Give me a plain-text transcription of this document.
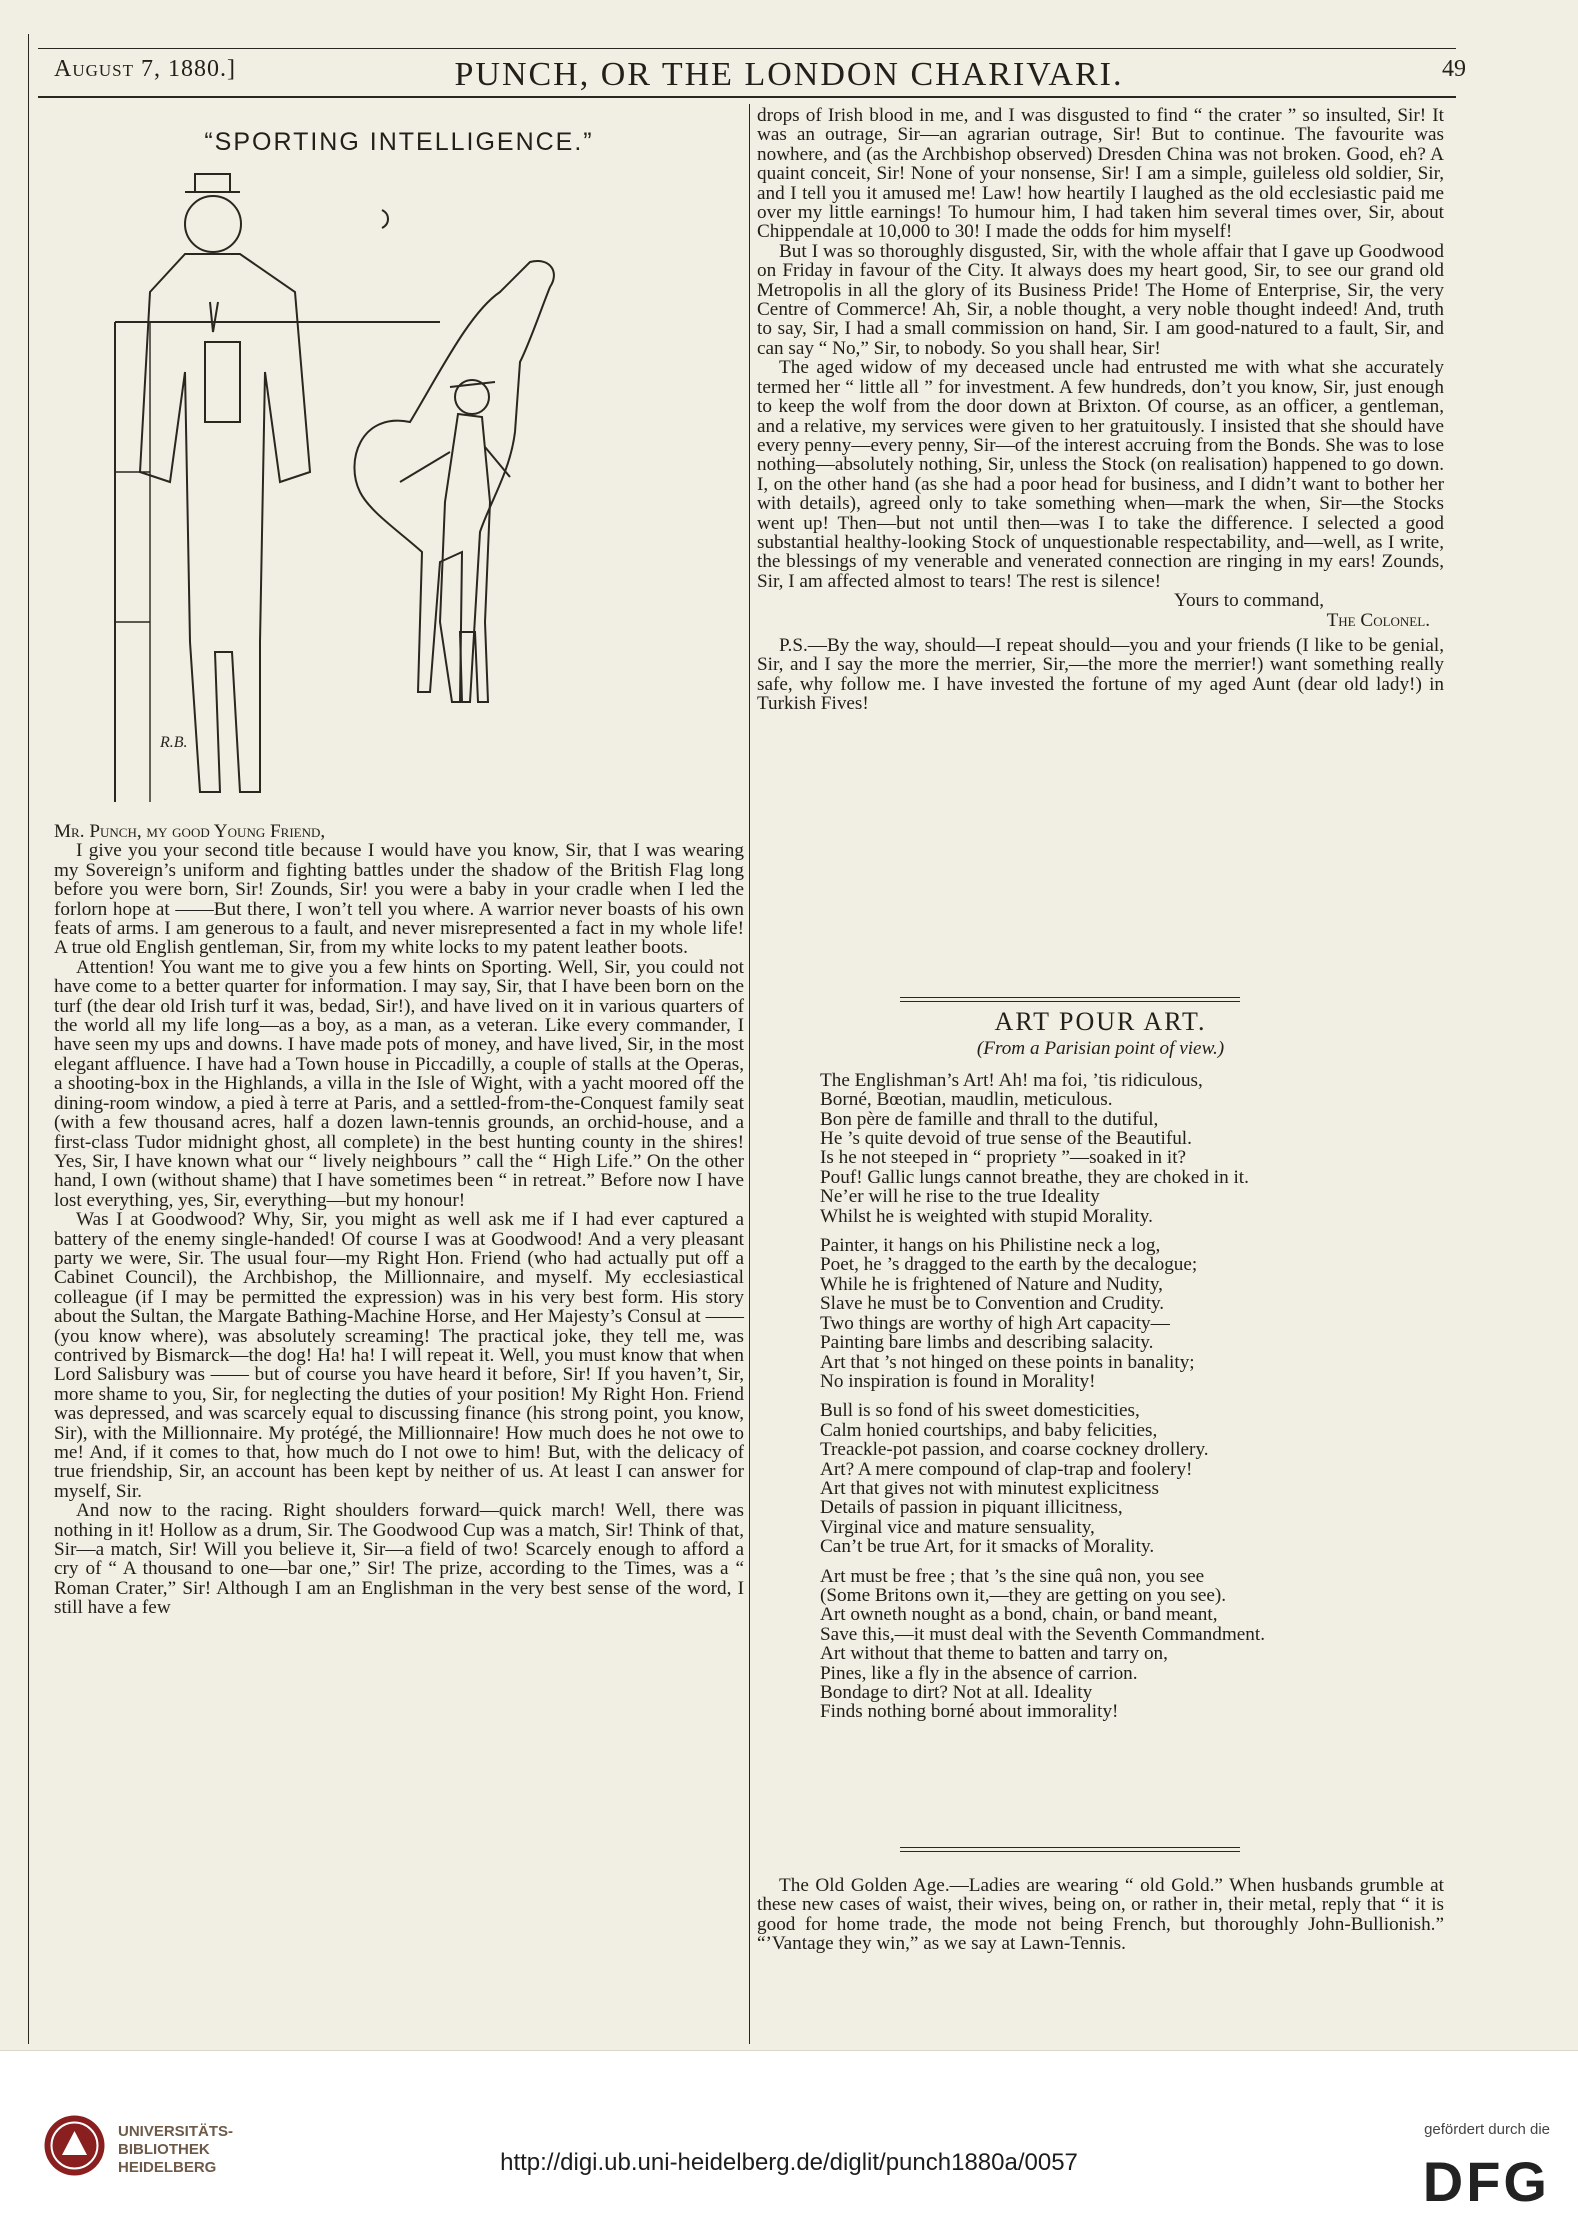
August 7, 1880.]	PUNCH, OR THE LONDON CHARIVARI.	49
“SPORTING INTELLIGENCE.”
R.B.
Mr. Punch, my good Young Friend,

I give you your second title because I would have you know, Sir, that I was wearing my Sovereign’s uniform and fighting battles under the shadow of the British Flag long before you were born, Sir! Zounds, Sir! you were a baby in your cradle when I led the forlorn hope at ——But there, I won’t tell you where. A warrior never boasts of his own feats of arms. I am generous to a fault, and never misrepresented a fact in my whole life! A true old English gentleman, Sir, from my white locks to my patent leather boots.

Attention! You want me to give you a few hints on Sporting. Well, Sir, you could not have come to a better quarter for information. I may say, Sir, that I have been born on the turf (the dear old Irish turf it was, bedad, Sir!), and have lived on it in various quarters of the world all my life long—as a boy, as a man, as a veteran. Like every commander, I have seen my ups and downs. I have made pots of money, and have lived, Sir, in the most elegant affluence. I have had a Town house in Piccadilly, a couple of stalls at the Operas, a shooting-box in the Highlands, a villa in the Isle of Wight, with a yacht moored off the dining-room window, a pied à terre at Paris, and a settled-from-the-Conquest family seat (with a few thousand acres, half a dozen lawn-tennis grounds, an orchid-house, and a first-class Tudor midnight ghost, all complete) in the best hunting county in the shires! Yes, Sir, I have known what our “ lively neighbours ” call the “ High Life.” On the other hand, I own (without shame) that I have sometimes been “ in retreat.” Before now I have lost everything, yes, Sir, everything—but my honour!

Was I at Goodwood? Why, Sir, you might as well ask me if I had ever captured a battery of the enemy single-handed! Of course I was at Goodwood! And a very pleasant party we were, Sir. The usual four—my Right Hon. Friend (who had actually put off a Cabinet Council), the Archbishop, the Millionnaire, and myself. My ecclesiastical colleague (if I may be permitted the expression) was in his very best form. His story about the Sultan, the Margate Bathing-Machine Horse, and Her Majesty’s Consul at —— (you know where), was absolutely screaming! The practical joke, they tell me, was contrived by Bismarck—the dog! Ha! ha! I will repeat it. Well, you must know that when Lord Salisbury was —— but of course you have heard it before, Sir! If you haven’t, Sir, more shame to you, Sir, for neglecting the duties of your position! My Right Hon. Friend was depressed, and was scarcely equal to discussing finance (his strong point, you know, Sir), with the Millionnaire. My protégé, the Millionnaire! How much does he not owe to me! And, if it comes to that, how much do I not owe to him! But, with the delicacy of true friendship, Sir, an account has been kept by neither of us. At least I can answer for myself, Sir.

And now to the racing. Right shoulders forward—quick march! Well, there was nothing in it! Hollow as a drum, Sir. The Goodwood Cup was a match, Sir! Think of that, Sir—a match, Sir! Will you believe it, Sir—a field of two! Scarcely enough to afford a cry of “ A thousand to one—bar one,” Sir! The prize, according to the Times, was a “ Roman Crater,” Sir! Although I am an Englishman in the very best sense of the word, I still have a few

drops of Irish blood in me, and I was disgusted to find “ the crater ” so insulted, Sir! It was an outrage, Sir—an agrarian outrage, Sir! But to continue. The favourite was nowhere, and (as the Archbishop observed) Dresden China was not broken. Good, eh? A quaint conceit, Sir! None of your nonsense, Sir! I am a simple, guileless old soldier, Sir, and I tell you it amused me! Law! how heartily I laughed as the old ecclesiastic paid me over my little earnings! To humour him, I had taken him several times over, Sir, about Chippendale at 10,000 to 30! I made the odds for him myself!

But I was so thoroughly disgusted, Sir, with the whole affair that I gave up Goodwood on Friday in favour of the City. It always does my heart good, Sir, to see our grand old Metropolis in all the glory of its Business Pride! The Home of Enterprise, Sir, the very Centre of Commerce! Ah, Sir, a noble thought, a very noble thought indeed! And, truth to say, Sir, I had a small commission on hand, Sir. I am good-natured to a fault, Sir, and can say “ No,” Sir, to nobody. So you shall hear, Sir!

The aged widow of my deceased uncle had entrusted me with what she accurately termed her “ little all ” for investment. A few hundreds, don’t you know, Sir, just enough to keep the wolf from the door down at Brixton. Of course, as an officer, a gentleman, and a relative, my services were given to her gratuitously. I insisted that she should have every penny—every penny, Sir—of the interest accruing from the Bonds. She was to lose nothing—absolutely nothing, Sir, unless the Stock (on realisation) happened to go down. I, on the other hand (as she had a poor head for business, and I didn’t want to bother her with details), agreed only to take something when—mark the when, Sir—the Stocks went up! Then—but not until then—was I to take the difference. I selected a good substantial healthy-looking Stock of unquestionable respectability, and—well, as I write, the blessings of my venerable and venerated connection are ringing in my ears! Zounds, Sir, I am affected almost to tears! The rest is silence!

Yours to command,

The Colonel.

P.S.—By the way, should—I repeat should—you and your friends (I like to be genial, Sir, and I say the more the merrier, Sir,—the more the merrier!) want something really safe, why follow me. I have invested the fortune of my aged Aunt (dear old lady!) in Turkish Fives!

ART POUR ART.
(From a Parisian point of view.)
The Englishman’s Art! Ah! ma foi, ’tis ridiculous,
Borné, Bœotian, maudlin, meticulous.
Bon père de famille and thrall to the dutiful,
He ’s quite devoid of true sense of the Beautiful.
Is he not steeped in “ propriety ”—soaked in it?
Pouf! Gallic lungs cannot breathe, they are choked in it.
Ne’er will he rise to the true Ideality
Whilst he is weighted with stupid Morality.
Painter, it hangs on his Philistine neck a log,
Poet, he ’s dragged to the earth by the decalogue;
While he is frightened of Nature and Nudity,
Slave he must be to Convention and Crudity.
Two things are worthy of high Art capacity—
Painting bare limbs and describing salacity.
Art that ’s not hinged on these points in banality;
No inspiration is found in Morality!
Bull is so fond of his sweet domesticities,
Calm honied courtships, and baby felicities,
Treackle-pot passion, and coarse cockney drollery.
Art? A mere compound of clap-trap and foolery!
Art that gives not with minutest explicitness
Details of passion in piquant illicitness,
Virginal vice and mature sensuality,
Can’t be true Art, for it smacks of Morality.
Art must be free ; that ’s the sine quâ non, you see
(Some Britons own it,—they are getting on you see).
Art owneth nought as a bond, chain, or band meant,
Save this,—it must deal with the Seventh Commandment.
Art without that theme to batten and tarry on,
Pines, like a fly in the absence of carrion.
Bondage to dirt? Not at all. Ideality
Finds nothing borné about immorality!

The Old Golden Age.—Ladies are wearing “ old Gold.” When husbands grumble at these new cases of waist, their wives, being on, or rather in, their metal, reply that “ it is good for home trade, the mode not being French, but thoroughly John-Bullionish.” “’Vantage they win,” as we say at Lawn-Tennis.

UNIVERSITÄTS-
BIBLIOTHEK
HEIDELBERG	http://digi.ub.uni-heidelberg.de/diglit/punch1880a/0057
gefördert durch die
DFG
